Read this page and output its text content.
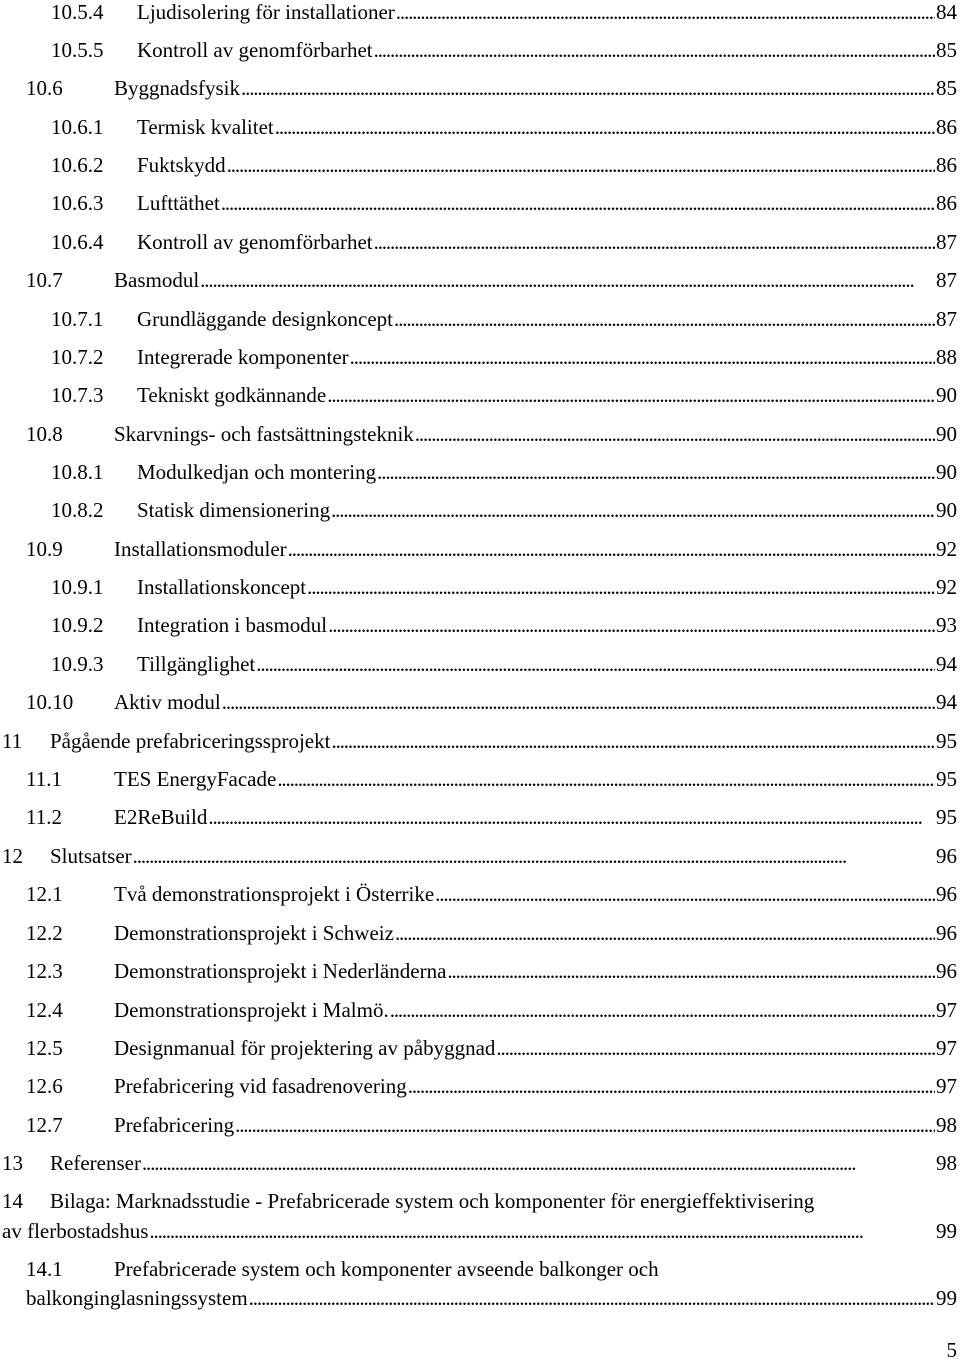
10.5.4 Ljudisolering för installationer . . .	84
10.5.5 Kontroll av genomförbarhet . . .	85
10.6 Byggnadsfysik . . .	85
10.6.1 Termisk kvalitet . . .	86
10.6.2 Fuktskydd . . .	86
10.6.3 Lufttäthet . . .	86
10.6.4 Kontroll av genomförbarhet . . .	87
10.7 Basmodul . . .	87
10.7.1 Grundläggande designkoncept . . .	87
10.7.2 Integrerade komponenter . . .	88
10.7.3 Tekniskt godkännande . . .	90
10.8 Skarvnings- och fastsättningsteknik . . .	90
10.8.1 Modulkedjan och montering . . .	90
10.8.2 Statisk dimensionering . . .	90
10.9 Installationsmoduler . . .	92
10.9.1 Installationskoncept . . .	92
10.9.2 Integration i basmodul . . .	93
10.9.3 Tillgänglighet . . .	94
10.10 Aktiv modul . . .	94
11 Pågående prefabriceringssprojekt . . .	95
11.1 TES EnergyFacade . . .	95
11.2 E2ReBuild . . .	95
12 Slutsatser . . .	96
12.1 Två demonstrationsprojekt i Österrike . . .	96
12.2 Demonstrationsprojekt i Schweiz . . .	96
12.3 Demonstrationsprojekt i Nederländerna . . .	96
12.4 Demonstrationsprojekt i Malmö. . . .	97
12.5 Designmanual för projektering av påbyggnad . . .	97
12.6 Prefabricering vid fasadrenovering . . .	97
12.7 Prefabricering . . .	98
13 Referenser . . .	98
14 Bilaga: Marknadsstudie - Prefabricerade system och komponenter för energieffektivisering
av flerbostadshus . . .	99
14.1 Prefabricerade system och komponenter avseende balkonger och
balkonginglasningssystem . . .	99
5
